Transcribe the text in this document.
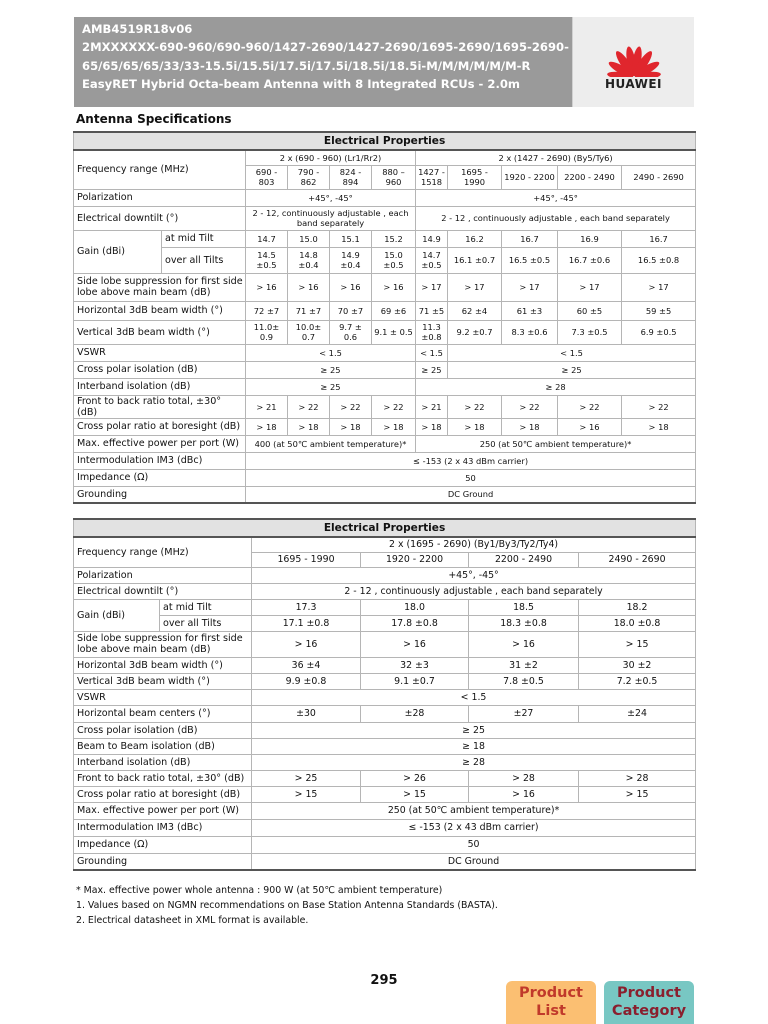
AMB4519R18v06
2MXXXXXX-690-960/690-960/1427-2690/1427-2690/1695-2690/1695-2690-
65/65/65/65/33/33-15.5i/15.5i/17.5i/17.5i/18.5i/18.5i-M/M/M/M/M/M-R
EasyRET Hybrid Octa-beam Antenna with 8 Integrated RCUs - 2.0m	HUAWEI
Antenna Specifications
Electrical Properties										
Frequency range (MHz)		2 x (690 - 960) (Lr1/Rr2)				2 x (1427 - 2690) (By5/Ty6)				
		690 - 803	790 - 862	824 - 894	880 – 960	1427 - 1518	1695 - 1990	1920 - 2200	2200 - 2490	2490 - 2690
Polarization		+45°, -45°				+45°, -45°				
Electrical downtilt (°)		2 - 12, continuously adjustable , each band separately				2 - 12 , continuously adjustable , each band separately				
Gain (dBi)	at mid Tilt	14.7	15.0	15.1	15.2	14.9	16.2	16.7	16.9	16.7
	over all Tilts	14.5 ±0.5	14.8 ±0.4	14.9 ±0.4	15.0 ±0.5	14.7 ±0.5	16.1 ±0.7	16.5 ±0.5	16.7 ±0.6	16.5 ±0.8
Side lobe suppression for first side lobe above main beam (dB)		> 16	> 16	> 16	> 16	> 17	> 17	> 17	> 17	> 17
Horizontal 3dB beam width (°)		72 ±7	71 ±7	70 ±7	69 ±6	71 ±5	62 ±4	61 ±3	60 ±5	59 ±5
Vertical 3dB beam width (°)		11.0± 0.9	10.0± 0.7	9.7 ± 0.6	9.1 ± 0.5	11.3 ±0.8	9.2 ±0.7	8.3 ±0.6	7.3 ±0.5	6.9 ±0.5
VSWR		< 1.5				< 1.5	< 1.5			
Cross polar isolation (dB)		≥ 25				≥ 25	≥ 25			
Interband isolation (dB)		≥ 25				≥ 28				
Front to back ratio total, ±30° (dB)		> 21	> 22	> 22	> 22	> 21	> 22	> 22	> 22	> 22
Cross polar ratio at boresight (dB)		> 18	> 18	> 18	> 18	> 18	> 18	> 18	> 16	> 18
Max. effective power per port (W)		400 (at 50℃ ambient temperature)*				250 (at 50℃ ambient temperature)*				
Intermodulation IM3 (dBc)		≤ -153 (2 x 43 dBm carrier)								
Impedance (Ω)		50								
Grounding		DC Ground								
Electrical Properties					
Frequency range (MHz)		2 x (1695 - 2690) (By1/By3/Ty2/Ty4)			
		1695 - 1990	1920 - 2200	2200 - 2490	2490 - 2690
Polarization		+45°, -45°			
Electrical downtilt (°)		2 - 12 , continuously adjustable , each band separately			
Gain (dBi)	at mid Tilt	17.3	18.0	18.5	18.2
	over all Tilts	17.1 ±0.8	17.8 ±0.8	18.3 ±0.8	18.0 ±0.8
Side lobe suppression for first side lobe above main beam (dB)		> 16	> 16	> 16	> 15
Horizontal 3dB beam width (°)		36 ±4	32 ±3	31 ±2	30 ±2
Vertical 3dB beam width (°)		9.9 ±0.8	9.1 ±0.7	7.8 ±0.5	7.2 ±0.5
VSWR		< 1.5			
Horizontal beam centers (°)		±30	±28	±27	±24
Cross polar isolation (dB)		≥ 25			
Beam to Beam isolation (dB)		≥ 18			
Interband isolation (dB)		≥ 28			
Front to back ratio total, ±30° (dB)		> 25	> 26	> 28	> 28
Cross polar ratio at boresight (dB)		> 15	> 15	> 16	> 15
Max. effective power per port (W)		250 (at 50℃ ambient temperature)*			
Intermodulation IM3 (dBc)		≤ -153 (2 x 43 dBm carrier)			
Impedance (Ω)		50			
Grounding		DC Ground			
* Max. effective power whole antenna : 900 W (at 50℃ ambient temperature)
1. Values based on NGMN recommendations on Base Station Antenna Standards (BASTA).
2. Electrical datasheet in XML format is available.
295
Product
List
Product
Category
